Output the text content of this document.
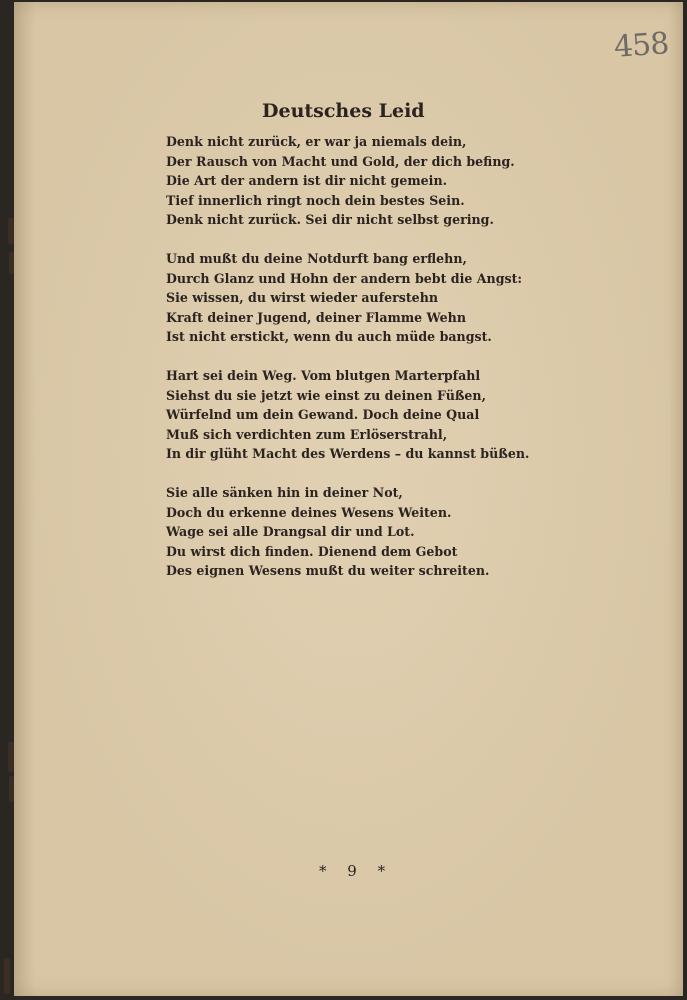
458
Deutsches Leid
Denk nicht zurück, er war ja niemals dein,
Der Rausch von Macht und Gold, der dich befing.
Die Art der andern ist dir nicht gemein.
Tief innerlich ringt noch dein bestes Sein.
Denk nicht zurück. Sei dir nicht selbst gering.
Und mußt du deine Notdurft bang erflehn,
Durch Glanz und Hohn der andern bebt die Angst:
Sie wissen, du wirst wieder auferstehn
Kraft deiner Jugend, deiner Flamme Wehn
Ist nicht erstickt, wenn du auch müde bangst.
Hart sei dein Weg. Vom blutgen Marterpfahl
Siehst du sie jetzt wie einst zu deinen Füßen,
Würfelnd um dein Gewand. Doch deine Qual
Muß sich verdichten zum Erlöserstrahl,
In dir glüht Macht des Werdens – du kannst büßen.
Sie alle sänken hin in deiner Not,
Doch du erkenne deines Wesens Weiten.
Wage sei alle Drangsal dir und Lot.
Du wirst dich finden. Dienend dem Gebot
Des eignen Wesens mußt du weiter schreiten.
* 9 *
